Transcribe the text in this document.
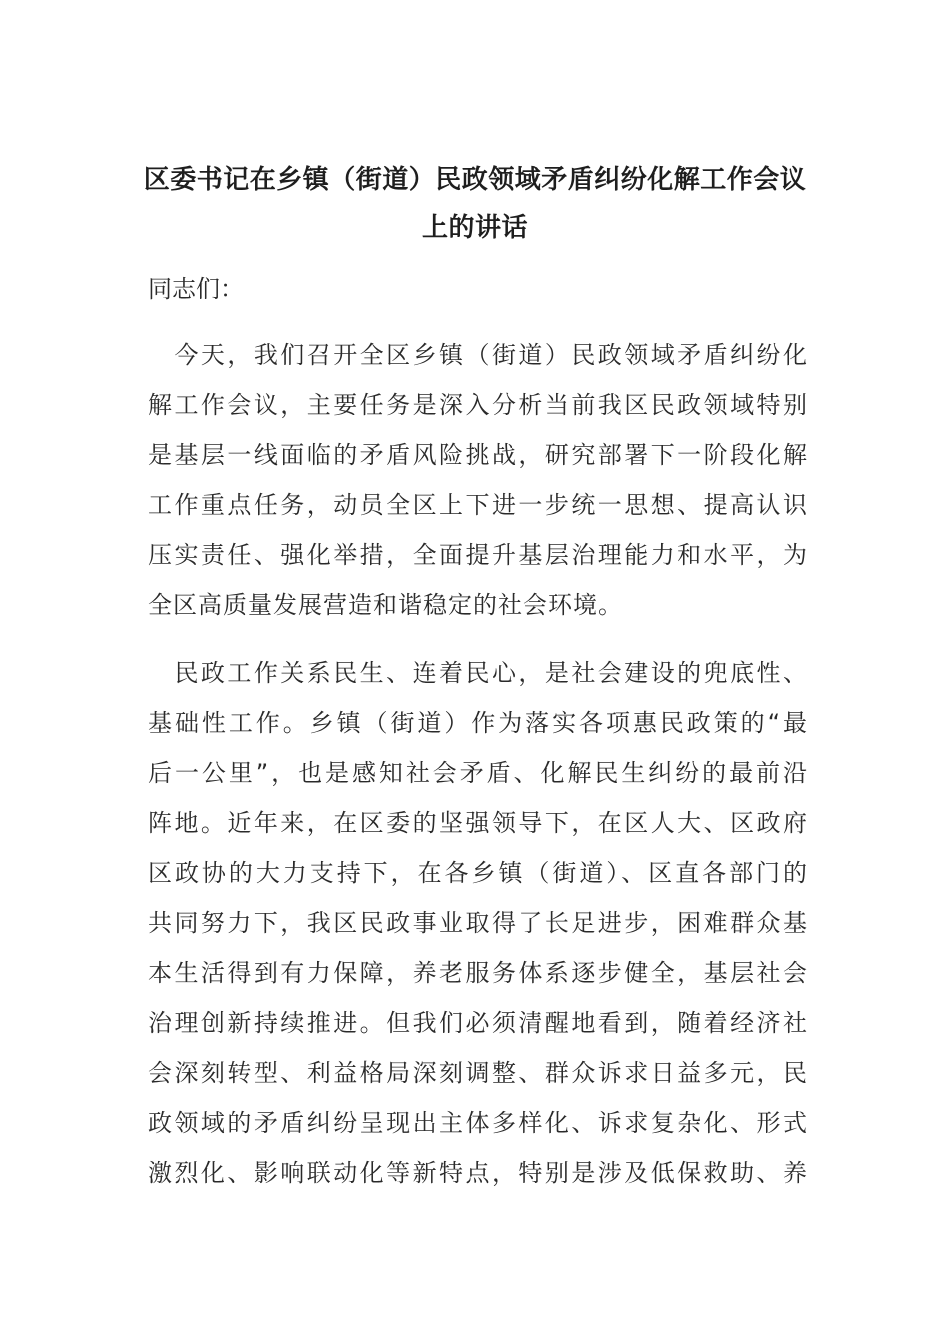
区委书记在乡镇（街道）民政领域矛盾纠纷化解工作会议
上的讲话
同志们：
　今天，我们召开全区乡镇（街道）民政领域矛盾纠纷化
解工作会议，主要任务是深入分析当前我区民政领域特别
是基层一线面临的矛盾风险挑战，研究部署下一阶段化解
工作重点任务，动员全区上下进一步统一思想、提高认识
压实责任、强化举措，全面提升基层治理能力和水平，为
全区高质量发展营造和谐稳定的社会环境。
　民政工作关系民生、连着民心，是社会建设的兜底性、
基础性工作。乡镇（街道）作为落实各项惠民政策的“最
后一公里”，也是感知社会矛盾、化解民生纠纷的最前沿
阵地。近年来，在区委的坚强领导下，在区人大、区政府
区政协的大力支持下，在各乡镇（街道）、区直各部门的
共同努力下，我区民政事业取得了长足进步，困难群众基
本生活得到有力保障，养老服务体系逐步健全，基层社会
治理创新持续推进。但我们必须清醒地看到，随着经济社
会深刻转型、利益格局深刻调整、群众诉求日益多元，民
政领域的矛盾纠纷呈现出主体多样化、诉求复杂化、形式
激烈化、影响联动化等新特点，特别是涉及低保救助、养
